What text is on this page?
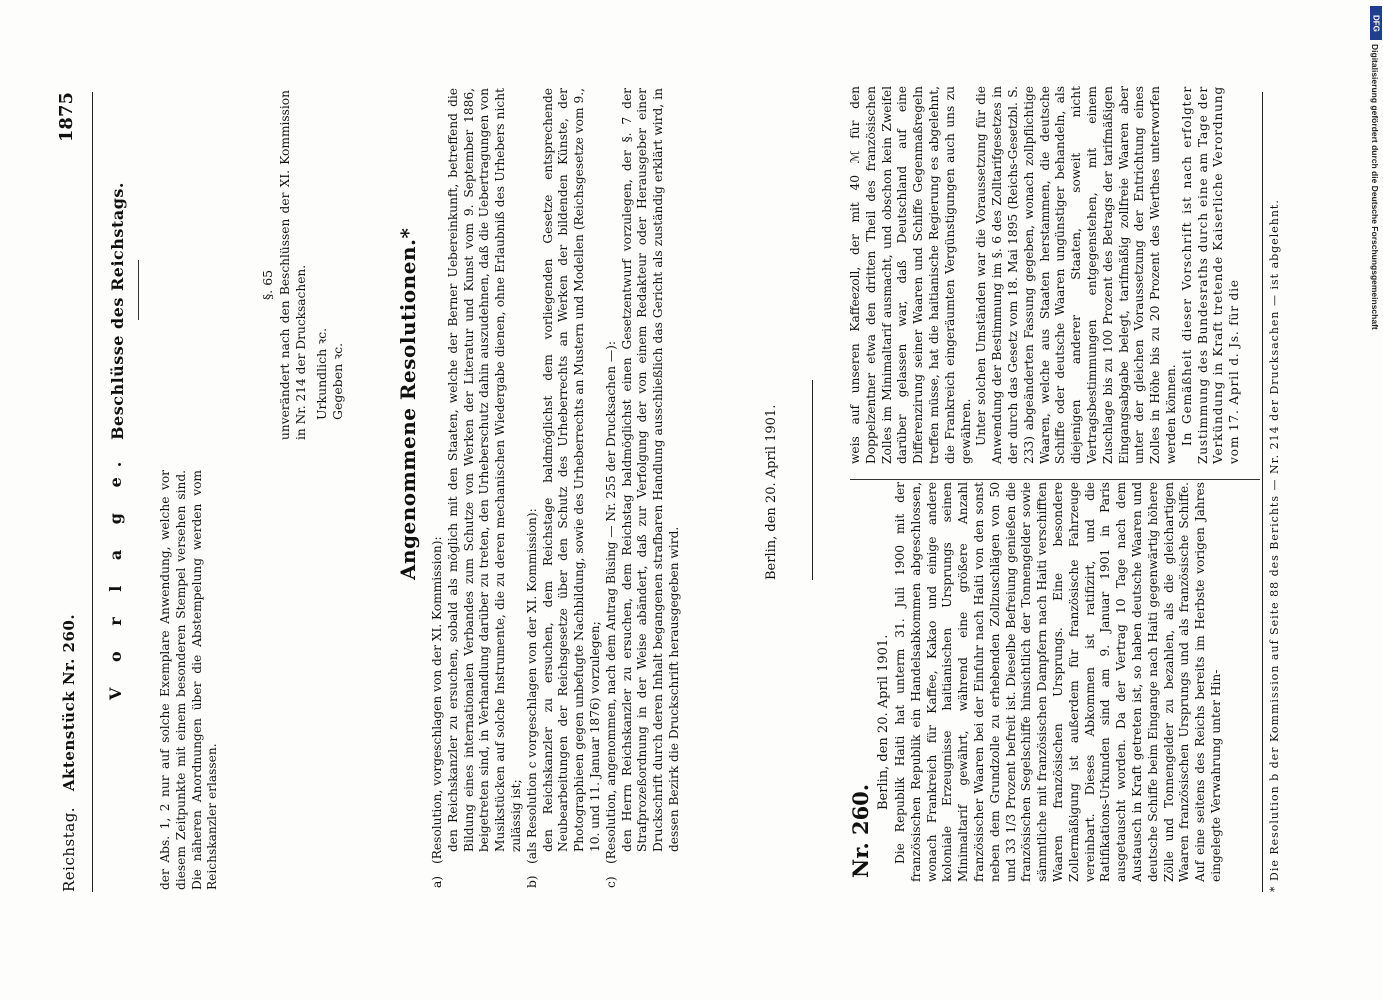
Reichstag.   Aktenstück Nr. 260.
1875
V o r l a g e.	der Abs. 1, 2 nur auf solche Exemplare Anwendung, welche vor diesem Zeitpunkte mit einem besonderen Stempel versehen sind. Die näheren Anordnungen über die Abstempelung werden vom Reichskanzler erlassen.

Beschlüsse des Reichstags.	§. 65 unverändert nach den Beschlüssen der XI. Kommission in Nr. 214 der Drucksachen. Urkundlich ꝛc. Gegeben ꝛc.	Angenommene Resolutionen.*

a)(Resolution, vorgeschlagen von der XI. Kommission): den Reichskanzler zu ersuchen, sobald als möglich mit den Staaten, welche der Berner Uebereinkunft, betreffend die Bildung eines internationalen Verbandes zum Schutze von Werken der Literatur und Kunst vom 9. September 1886, beigetreten sind, in Verhandlung darüber zu treten, den Urheberschutz dahin auszudehnen, daß die Uebertragungen von Musikstücken auf solche Instrumente, die zu deren mechanischen Wiedergabe dienen, ohne Erlaubniß des Urhebers nicht zulässig ist;

b)(als Resolution c vorgeschlagen von der XI. Kommission): den Reichskanzler zu ersuchen, dem Reichstage baldmöglichst dem vorliegenden Gesetze entsprechende Neubearbeitungen der Reichsgesetze über den Schutz des Urheberrechts an Werken der bildenden Künste, der Photographieen gegen unbefugte Nachbildung, sowie des Urheberrechts an Mustern und Modellen (Reichsgesetze vom 9., 10. und 11. Januar 1876) vorzulegen;

c)(Resolution, angenommen, nach dem Antrag Büsing — Nr. 255 der Drucksachen —): den Herrn Reichskanzler zu ersuchen, dem Reichstag baldmöglichst einen Gesetzentwurf vorzulegen, der §. 7 der Strafprozeßordnung in der Weise abändert, daß zur Verfolgung der von einem Redakteur oder Herausgeber einer Druckschrift durch deren Inhalt begangenen strafbaren Handlung ausschließlich das Gericht als zuständig erklärt wird, in dessen Bezirk die Druckschrift herausgegeben wird.

Berlin, den 20. April 1901.
Nr. 260.
Berlin, den 20. April 1901. Die Republik Haiti hat unterm 31. Juli 1900 mit der französischen Republik ein Handelsabkommen abgeschlossen, wonach Frankreich für Kaffee, Kakao und einige andere koloniale Erzeugnisse haitianischen Ursprungs seinen Minimaltarif gewährt, während eine größere Anzahl französischer Waaren bei der Einfuhr nach Haiti von den sonst neben dem Grundzolle zu erhebenden Zollzuschlägen von 50 und 33 1/3 Prozent befreit ist. Dieselbe Befreiung genießen die französischen Segelschiffe hinsichtlich der Tonnengelder sowie sämmtliche mit französischen Dampfern nach Haiti verschifften Waaren französischen Ursprungs. Eine besondere Zollermäßigung ist außerdem für französische Fahrzeuge vereinbart. Dieses Abkommen ist ratifizirt, und die Ratifikations-Urkunden sind am 9. Januar 1901 in Paris ausgetauscht worden. Da der Vertrag 10 Tage nach dem Austausch in Kraft getreten ist, so haben deutsche Waaren und deutsche Schiffe beim Eingange nach Haiti gegenwärtig höhere Zölle und Tonnengelder zu bezahlen, als die gleichartigen Waaren französischen Ursprungs und als französische Schiffe. Auf eine seitens des Reichs bereits im Herbste vorigen Jahres eingelegte Verwahrung unter Hin-

weis auf unseren Kaffeezoll, der mit 40 ℳ für den Doppelzentner etwa den dritten Theil des französischen Zolles im Minimaltarif ausmacht, und obschon kein Zweifel darüber gelassen war, daß Deutschland auf eine Differenzirung seiner Waaren und Schiffe Gegenmaßregeln treffen müsse, hat die haitianische Regierung es abgelehnt, die Frankreich eingeräumten Vergünstigungen auch uns zu gewähren. Unter solchen Umständen war die Voraussetzung für die Anwendung der Bestimmung im §. 6 des Zolltarifgesetzes in der durch das Gesetz vom 18. Mai 1895 (Reichs-Gesetzbl. S. 233) abgeänderten Fassung gegeben, wonach zollpflichtige Waaren, welche aus Staaten herstammen, die deutsche Schiffe oder deutsche Waaren ungünstiger behandeln, als diejenigen anderer Staaten, soweit nicht Vertragsbestimmungen entgegenstehen, mit einem Zuschlage bis zu 100 Prozent des Betrags der tarifmäßigen Eingangsabgabe belegt, tarifmäßig zollfreie Waaren aber unter der gleichen Voraussetzung der Entrichtung eines Zolles in Höhe bis zu 20 Prozent des Werthes unterworfen werden können. In Gemäßheit dieser Vorschrift ist nach erfolgter Zustimmung des Bundesraths durch eine am Tage der Verkündung in Kraft tretende Kaiserliche Verordnung vom 17. April d. Js. für die

* Die Resolution b der Kommission auf Seite 88 des Berichts — Nr. 214 der Drucksachen — ist abgelehnt.
DFG
Digitalisierung gefördert durch die Deutsche Forschungsgemeinschaft
